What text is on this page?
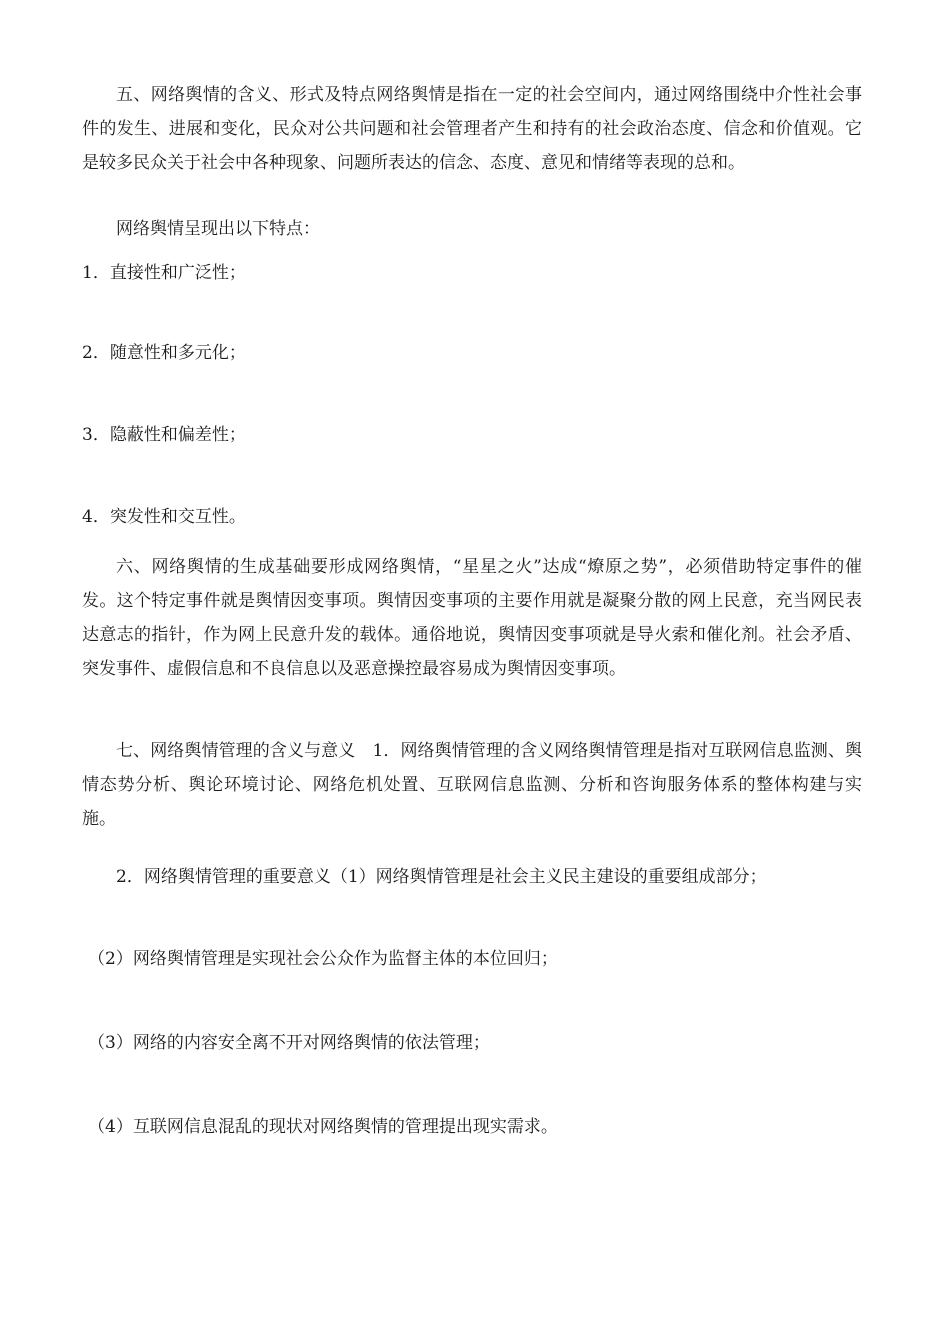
五、网络舆情的含义、形式及特点网络舆情是指在一定的社会空间内，通过网络围绕中介性社会事件的发生、进展和变化，民众对公共问题和社会管理者产生和持有的社会政治态度、信念和价值观。它是较多民众关于社会中各种现象、问题所表达的信念、态度、意见和情绪等表现的总和。

网络舆情呈现出以下特点：

1．直接性和广泛性；

2．随意性和多元化；

3．隐蔽性和偏差性；

4．突发性和交互性。

六、网络舆情的生成基础要形成网络舆情，“星星之火”达成“燎原之势”，必须借助特定事件的催发。这个特定事件就是舆情因变事项。舆情因变事项的主要作用就是凝聚分散的网上民意，充当网民表达意志的指针，作为网上民意升发的载体。通俗地说，舆情因变事项就是导火索和催化剂。社会矛盾、突发事件、虚假信息和不良信息以及恶意操控最容易成为舆情因变事项。

七、网络舆情管理的含义与意义　1．网络舆情管理的含义网络舆情管理是指对互联网信息监测、舆情态势分析、舆论环境讨论、网络危机处置、互联网信息监测、分析和咨询服务体系的整体构建与实施。

2．网络舆情管理的重要意义（1）网络舆情管理是社会主义民主建设的重要组成部分；

（2）网络舆情管理是实现社会公众作为监督主体的本位回归；

（3）网络的内容安全离不开对网络舆情的依法管理；

（4）互联网信息混乱的现状对网络舆情的管理提出现实需求。
